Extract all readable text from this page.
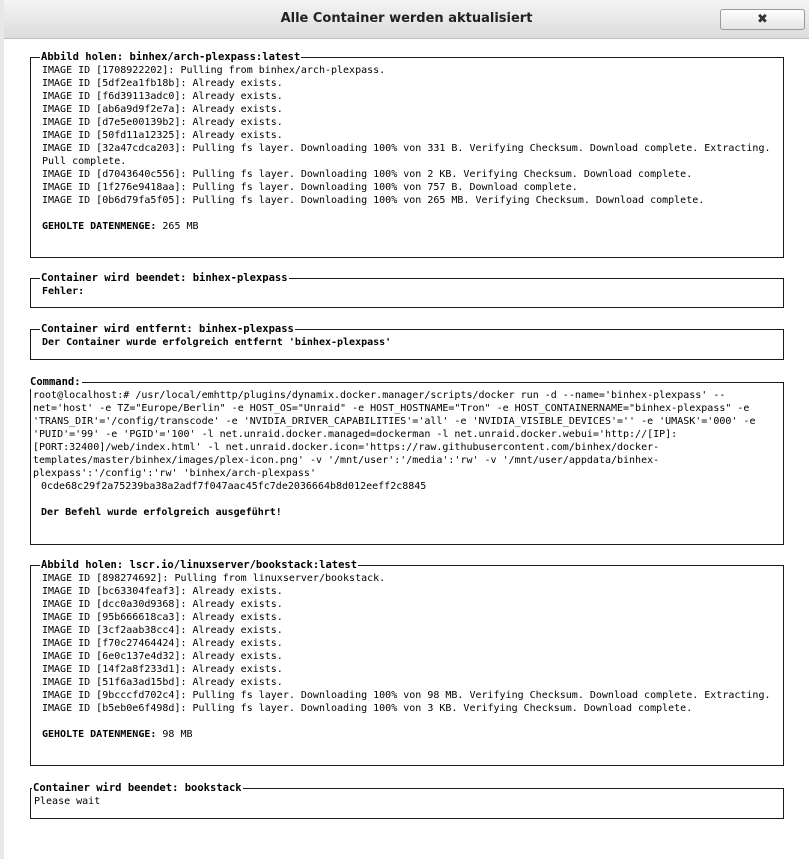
Alle Container werden aktualisiert	✖
Abbild holen: binhex/arch-plexpass:latest
IMAGE ID [1708922202]: Pulling from binhex/arch-plexpass.
IMAGE ID [5df2ea1fb18b]: Already exists.
IMAGE ID [f6d39113adc0]: Already exists.
IMAGE ID [ab6a9d9f2e7a]: Already exists.
IMAGE ID [d7e5e00139b2]: Already exists.
IMAGE ID [50fd11a12325]: Already exists.
IMAGE ID [32a47cdca203]: Pulling fs layer. Downloading 100% von 331 B. Verifying Checksum. Download complete. Extracting. Pull complete.
IMAGE ID [d7043640c556]: Pulling fs layer. Downloading 100% von 2 KB. Verifying Checksum. Download complete.
IMAGE ID [1f276e9418aa]: Pulling fs layer. Downloading 100% von 757 B. Download complete.
IMAGE ID [0b6d79fa5f05]: Pulling fs layer. Downloading 100% von 265 MB. Verifying Checksum. Download complete.
GEHOLTE DATENMENGE: 265 MB
Container wird beendet: binhex-plexpass
Fehler:
Container wird entfernt: binhex-plexpass
Der Container wurde erfolgreich entfernt 'binhex-plexpass'
Command:
root@localhost:# /usr/local/emhttp/plugins/dynamix.docker.manager/scripts/docker run -d --name='binhex-plexpass' --net='host' -e TZ="Europe/Berlin" -e HOST_OS="Unraid" -e HOST_HOSTNAME="Tron" -e HOST_CONTAINERNAME="binhex-plexpass" -e 'TRANS_DIR'='/config/transcode' -e 'NVIDIA_DRIVER_CAPABILITIES'='all' -e 'NVIDIA_VISIBLE_DEVICES'='' -e 'UMASK'='000' -e 'PUID'='99' -e 'PGID'='100' -l net.unraid.docker.managed=dockerman -l net.unraid.docker.webui='http://[IP]:[PORT:32400]/web/index.html' -l net.unraid.docker.icon='https://raw.githubusercontent.com/binhex/docker-templates/master/binhex/images/plex-icon.png' -v '/mnt/user':'/media':'rw' -v '/mnt/user/appdata/binhex-plexpass':'/config':'rw' 'binhex/arch-plexpass'
0cde68c29f2a75239ba38a2adf7f047aac45fc7de2036664b8d012eeff2c8845
Der Befehl wurde erfolgreich ausgeführt!
Abbild holen: lscr.io/linuxserver/bookstack:latest
IMAGE ID [898274692]: Pulling from linuxserver/bookstack.
IMAGE ID [bc63304feaf3]: Already exists.
IMAGE ID [dcc0a30d9368]: Already exists.
IMAGE ID [95b666618ca3]: Already exists.
IMAGE ID [3cf2aab38cc4]: Already exists.
IMAGE ID [f70c27464424]: Already exists.
IMAGE ID [6e0c137e4d32]: Already exists.
IMAGE ID [14f2a8f233d1]: Already exists.
IMAGE ID [51f6a3ad15bd]: Already exists.
IMAGE ID [9bcccfd702c4]: Pulling fs layer. Downloading 100% von 98 MB. Verifying Checksum. Download complete. Extracting.
IMAGE ID [b5eb0e6f498d]: Pulling fs layer. Downloading 100% von 3 KB. Verifying Checksum. Download complete.
GEHOLTE DATENMENGE: 98 MB
Container wird beendet: bookstack
Please wait
